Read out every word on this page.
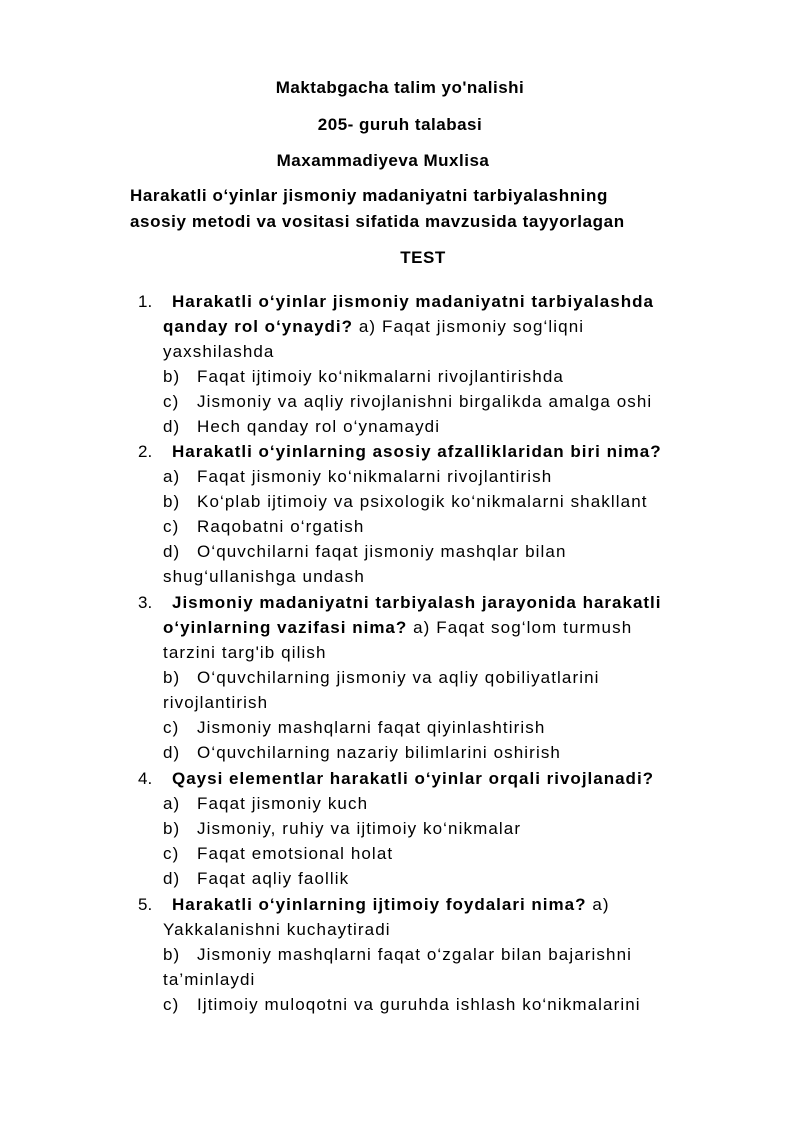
Maktabgacha talim yo'nalishi
205- guruh talabasi
Maxammadiyeva Muxlisa
Harakatli o‘yinlar jismoniy madaniyatni tarbiyalashning
asosiy metodi va vositasi sifatida mavzusida tayyorlagan
TEST
1. Harakatli o‘yinlar jismoniy madaniyatni tarbiyalashda
qanday rol o‘ynaydi? a) Faqat jismoniy sog‘liqni
yaxshilashda
b) Faqat ijtimoiy ko‘nikmalarni rivojlantirishda
c) Jismoniy va aqliy rivojlanishni birgalikda amalga oshi
d) Hech qanday rol o‘ynamaydi
2. Harakatli o‘yinlarning asosiy afzalliklaridan biri nima?
a) Faqat jismoniy ko‘nikmalarni rivojlantirish
b) Ko‘plab ijtimoiy va psixologik ko‘nikmalarni shakllant
c) Raqobatni o‘rgatish
d) O‘quvchilarni faqat jismoniy mashqlar bilan
shug‘ullanishga undash
3. Jismoniy madaniyatni tarbiyalash jarayonida harakatli
o‘yinlarning vazifasi nima? a) Faqat sog‘lom turmush
tarzini targ'ib qilish
b) O‘quvchilarning jismoniy va aqliy qobiliyatlarini
rivojlantirish
c) Jismoniy mashqlarni faqat qiyinlashtirish
d) O‘quvchilarning nazariy bilimlarini oshirish
4. Qaysi elementlar harakatli o‘yinlar orqali rivojlanadi?
a) Faqat jismoniy kuch
b) Jismoniy, ruhiy va ijtimoiy ko‘nikmalar
c) Faqat emotsional holat
d) Faqat aqliy faollik
5. Harakatli o‘yinlarning ijtimoiy foydalari nima? a)
Yakkalanishni kuchaytiradi
b) Jismoniy mashqlarni faqat o‘zgalar bilan bajarishni
ta’minlaydi
c) Ijtimoiy muloqotni va guruhda ishlash ko‘nikmalarini
